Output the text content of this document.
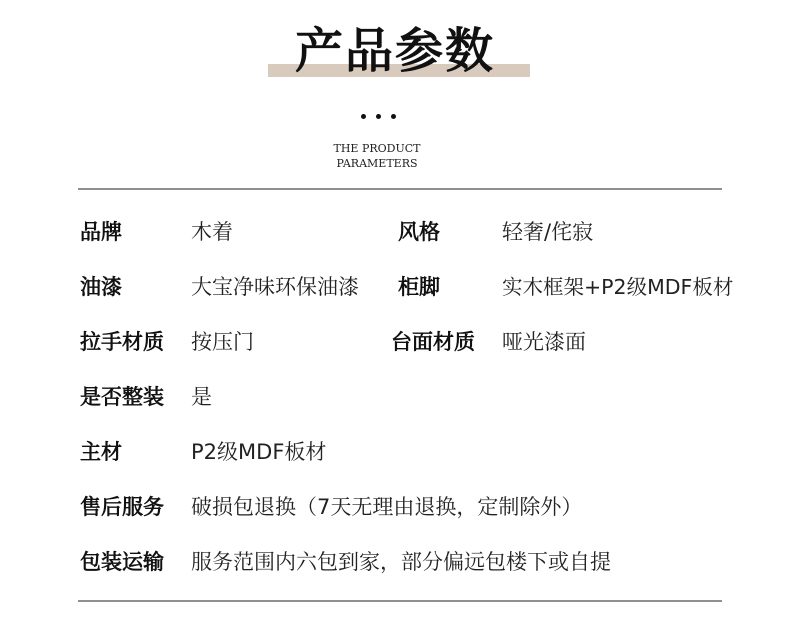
产品参数
THE PRODUCT
PARAMETERS
品牌	木着	风格	轻奢/侘寂
油漆	大宝净味环保油漆 柜脚	实木框架+P2级MDF板材
拉手材质 按压门	台面材质 哑光漆面
是否整装 是
主材	P2级MDF板材
售后服务 破损包退换（7天无理由退换，定制除外）
包装运输 服务范围内六包到家，部分偏远包楼下或自提
